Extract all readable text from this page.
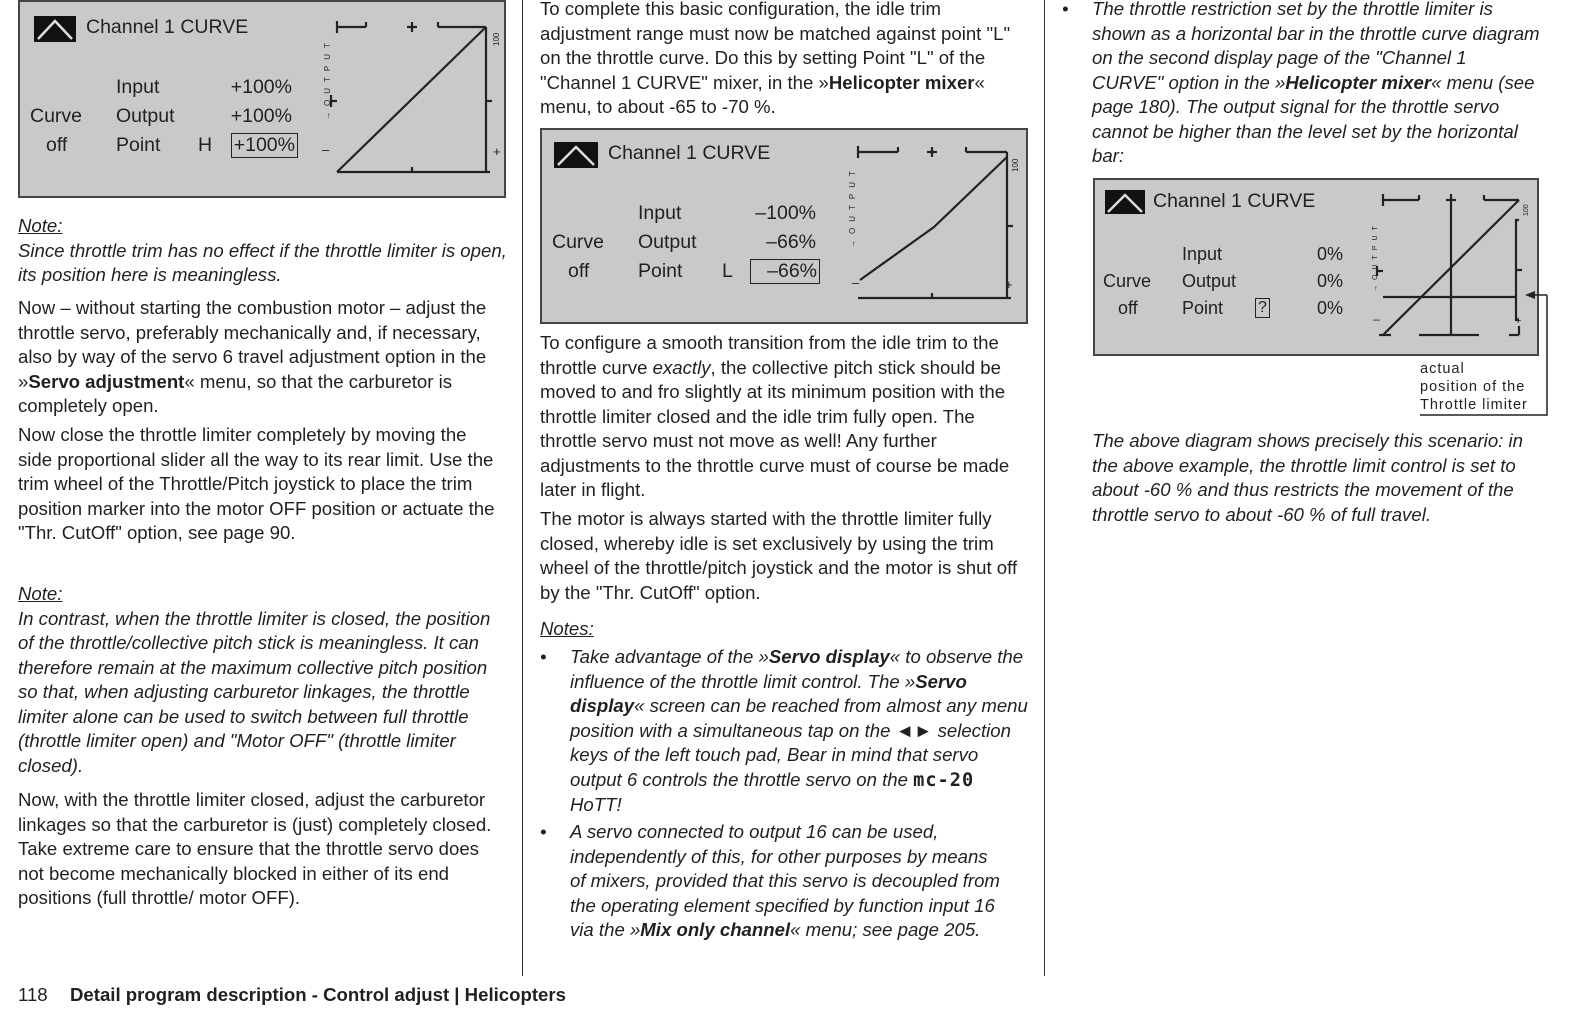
+
–
→OUTPUT	100
Channel 1 CURVE
Input
Curve Output
off Point H
+100%
+100%
+100%
Note:
Since throttle trim has no effect if the throttle limiter is open, its position here is meaningless.
Now – without starting the combustion motor – adjust the throttle servo, preferably mechanically and, if necessary, also by way of the servo 6 travel adjustment option in the »Servo adjustment« menu, so that the carburetor is completely open.
Now close the throttle limiter completely by moving the side proportional slider all the way to its rear limit. Use the trim wheel of the Throttle/Pitch joystick to place the trim position marker into the motor OFF position or actuate the "Thr. CutOff" option, see page 90.
Note:
In contrast, when the throttle limiter is closed, the position of the throttle/collective pitch stick is meaningless. It can therefore remain at the maximum collective pitch position so that, when adjusting carburetor linkages, the throttle limiter alone can be used to switch between full throttle (throttle limiter open) and "Motor OFF" (throttle limiter closed).
Now, with the throttle limiter closed, adjust the carburetor linkages so that the carburetor is (just) completely closed. Take extreme care to ensure that the throttle servo does not become mechanically blocked in either of its end positions (full throttle/ motor OFF).
To complete this basic configuration, the idle trim adjustment range must now be matched against point "L" on the throttle curve. Do this by setting Point "L" of the "Channel 1 CURVE" mixer, in the »Helicopter mixer« menu, to about -65 to -70 %.
+
–
→OUTPUT	100
Channel 1 CURVE
Input
Curve Output
off Point L
–100%
–66%
–66%
To configure a smooth transition from the idle trim to the throttle curve exactly, the collective pitch stick should be moved to and fro slightly at its minimum position with the throttle limiter closed and the idle trim fully open. The throttle servo must not move as well! Any further adjustments to the throttle curve must of course be made later in flight.
The motor is always started with the throttle limiter fully closed, whereby idle is set exclusively by using the trim wheel of the throttle/pitch joystick and the motor is shut off by the "Thr. CutOff" option.
Notes:
• Take advantage of the »Servo display« to observe the influence of the throttle limit control. The »Servo display« screen can be reached from almost any menu position with a simultaneous tap on the ◄► selection keys of the left touch pad, Bear in mind that servo output 6 controls the throttle servo on the mc-20 HoTT!
• A servo connected to output 16 can be used, independently of this, for other purposes by means of mixers, provided that this servo is decoupled from the operating element specified by function input 16 via the »Mix only channel« menu; see page 205.
• The throttle restriction set by the throttle limiter is shown as a horizontal bar in the throttle curve diagram on the second display page of the "Channel 1 CURVE" option in the »Helicopter mixer« menu (see page 180). The output signal for the throttle servo cannot be higher than the level set by the horizontal bar:
+
–
→OUTPUT
100
Channel 1 CURVE
Input
Curve Output
off Point ?
0%
0%
0%
actual
position of the
Throttle limiter
The above diagram shows precisely this scenario: in the above example, the throttle limit control is set to about -60 % and thus restricts the movement of the throttle servo to about -60 % of full travel.
118 Detail program description - Control adjust | Helicopters
